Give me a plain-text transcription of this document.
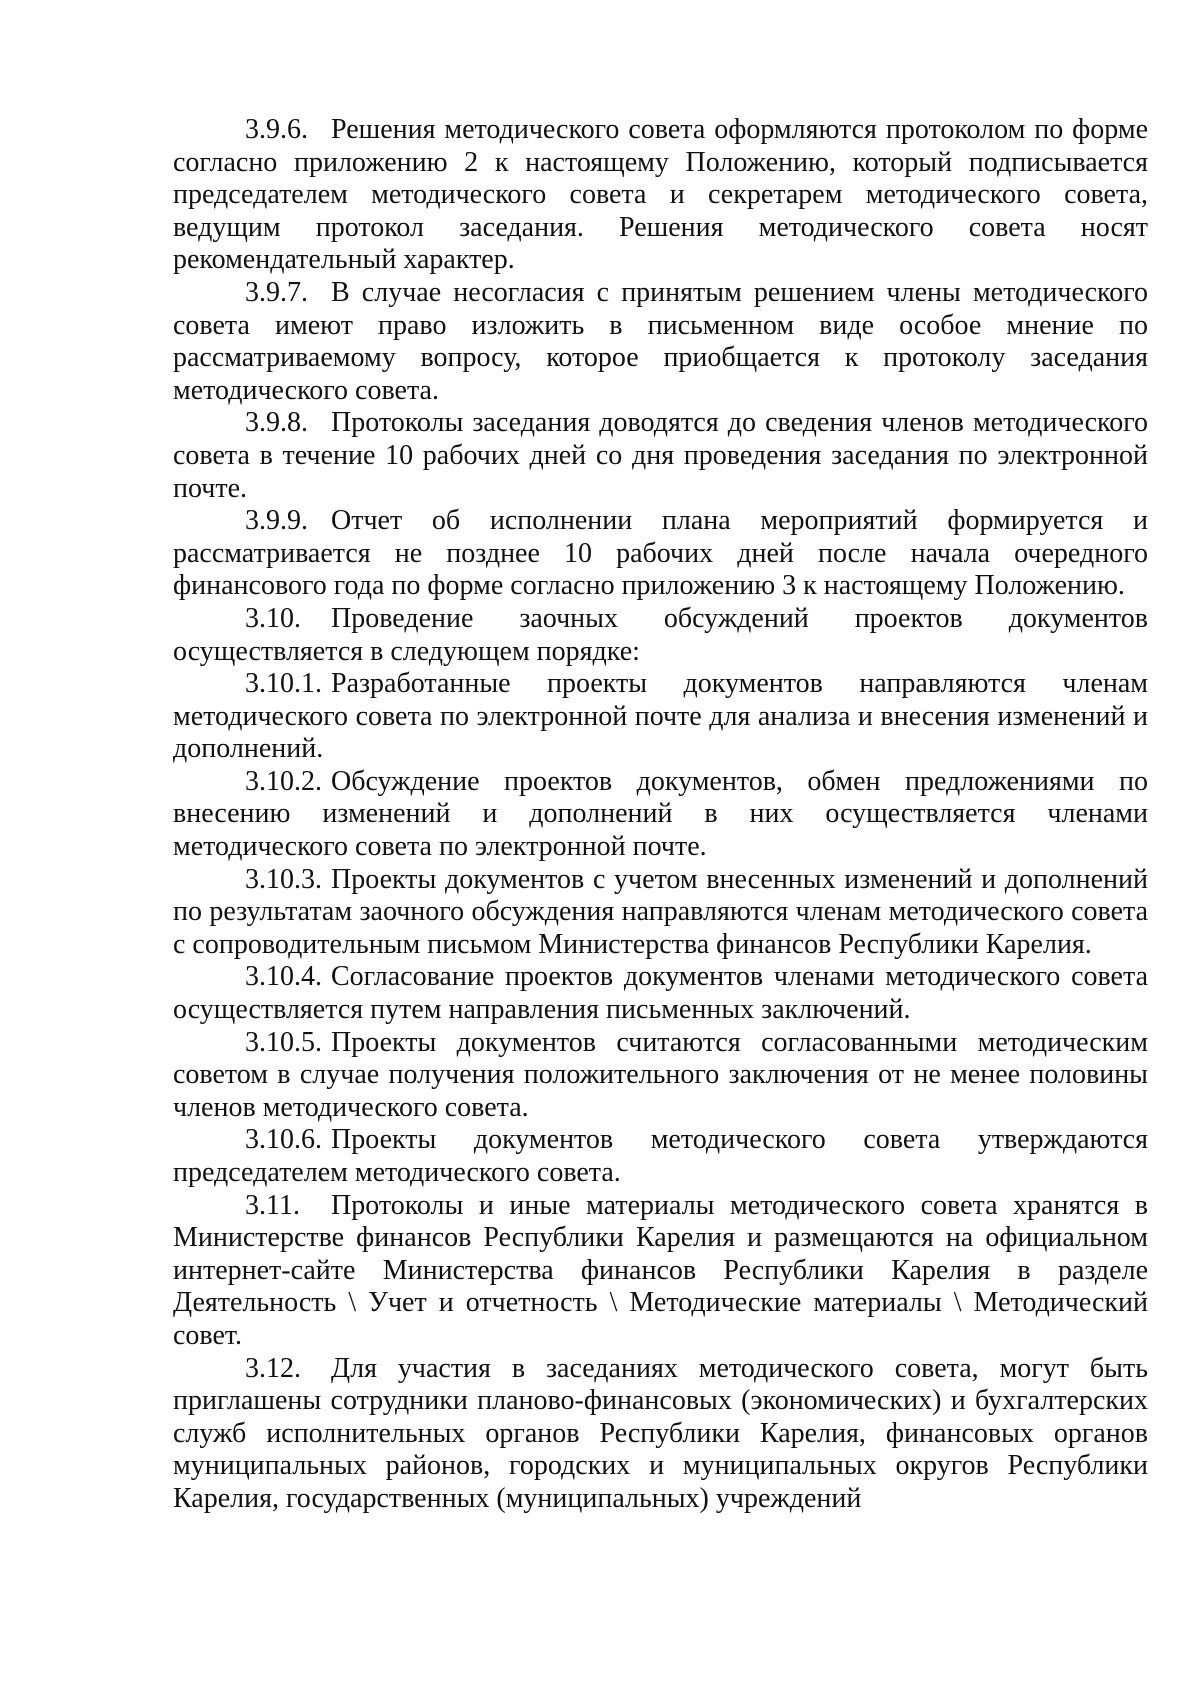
3.9.6. Решения методического совета оформляются протоколом по форме согласно приложению 2 к настоящему Положению, который подписывается председателем методического совета и секретарем методического совета, ведущим протокол заседания. Решения методического совета носят рекомендательный характер.

3.9.7. В случае несогласия с принятым решением члены методического совета имеют право изложить в письменном виде особое мнение по рассматриваемому вопросу, которое приобщается к протоколу заседания методического совета.

3.9.8. Протоколы заседания доводятся до сведения членов методического совета в течение 10 рабочих дней со дня проведения заседания по электронной почте.

3.9.9. Отчет об исполнении плана мероприятий формируется и рассматривается не позднее 10 рабочих дней после начала очередного финансового года по форме согласно приложению 3 к настоящему Положению.

3.10. Проведение заочных обсуждений проектов документов осуществляется в следующем порядке:

3.10.1. Разработанные проекты документов направляются членам методического совета по электронной почте для анализа и внесения изменений и дополнений.

3.10.2. Обсуждение проектов документов, обмен предложениями по внесению изменений и дополнений в них осуществляется членами методического совета по электронной почте.

3.10.3. Проекты документов с учетом внесенных изменений и дополнений по результатам заочного обсуждения направляются членам методического совета с сопроводительным письмом Министерства финансов Республики Карелия.

3.10.4. Согласование проектов документов членами методического совета осуществляется путем направления письменных заключений.

3.10.5. Проекты документов считаются согласованными методическим советом в случае получения положительного заключения от не менее половины членов методического совета.

3.10.6. Проекты документов методического совета утверждаются председателем методического совета.

3.11. Протоколы и иные материалы методического совета хранятся в Министерстве финансов Республики Карелия и размещаются на официальном интернет-сайте Министерства финансов Республики Карелия в разделе Деятельность \ Учет и отчетность \ Методические материалы \ Методический совет.

3.12. Для участия в заседаниях методического совета, могут быть приглашены сотрудники планово-финансовых (экономических) и бухгалтерских служб исполнительных органов Республики Карелия, финансовых органов муниципальных районов, городских и муниципальных округов Республики Карелия, государственных (муниципальных) учреждений
